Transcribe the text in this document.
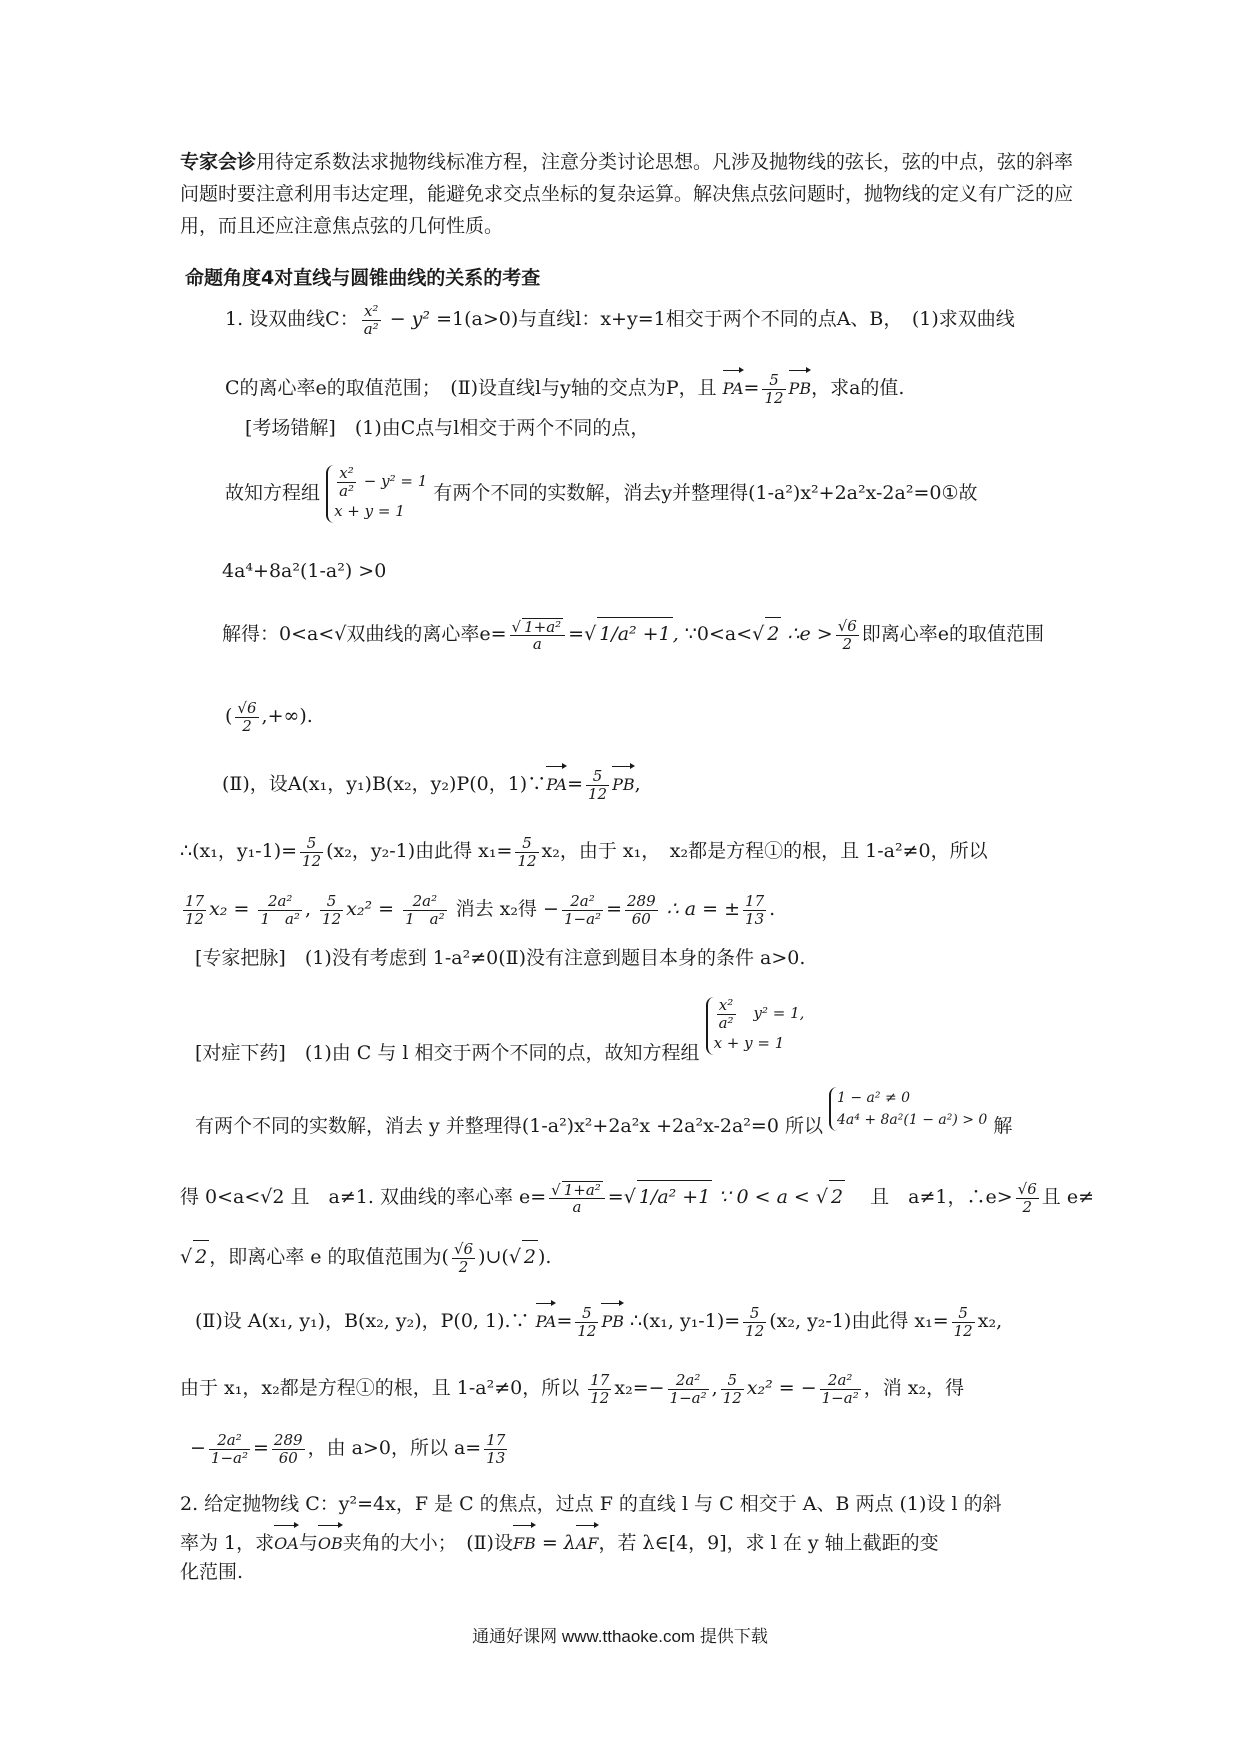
专家会诊用待定系数法求抛物线标准方程，注意分类讨论思想。凡涉及抛物线的弦长，弦的中点，弦的斜率问题时要注意利用韦达定理，能避免求交点坐标的复杂运算。解决焦点弦问题时，抛物线的定义有广泛的应用，而且还应注意焦点弦的几何性质。
命题角度4对直线与圆锥曲线的关系的考查
1. 设双曲线C： $\frac{\text{x²}}{\text{a²}} - y^2 =1(a>0)$与直线l：x+y=1相交于两个不同的点A、B，　(1)求双曲线
C的离心率e的取值范围；　(Ⅱ)设直线l与y轴的交点为P，且 $PA= \frac{5}{12}$ PB，求a的值.
[考场错解]　(1)由C点与l相交于两个不同的点，
故知方程组 $\frac{\text{x²}}{\text{a²}} - y^2 = 1$
x + y = 1 有两个不同的实数解，消去y并整理得(1-a²)x²+2a²x-2a²=0①故
4a⁴+8a²(1-a²) >0
解得：0<a<√双曲线的离心率$e= \frac{\text{√ 1+a²}}{a}$ =√ 1/a² +1 , ∵0<a<√ 2 ∴e > $\frac{√6}{2}$ 即离心率e的取值范围
( $\frac{√6}{2}$ ,+∞).
(Ⅱ)，设A(x₁，y₁)B(x₂，y₂)P(0，1)∵PA= $\frac{5}{12}$ PB,
∴(x₁，$y_1-1)= \frac{5}{12} (x_2$，y₂-1)由此得 $x_1= \frac{5}{12} x_2$，由于 x₁，　x₂都是方程①的根，且 1-a²≠0，所以
$\frac{17}{12} x_2 = \frac{\text{2a²}}{\text{1　a²}}$ , $\frac{5}{12} x_2^2 = \frac{\text{2a²}}{\text{1　a²}}$ 消去 x₂得 − $\frac{\text{2a²}}{\text{1−a²}} = \frac{289}{60}$ ∴ a = ± $\frac{17}{13}$ .
[专家把脉]　(1)没有考虑到 1-a²≠0(Ⅱ)没有注意到题目本身的条件 a>0.
[对症下药]　(1)由 C 与 l 相交于两个不同的点，故知方程组
$\frac{\text{x²}}{\text{a²}}$ 　y² = 1,
x + y = 1
有两个不同的实数解，消去 y 并整理得(1-a²)x²+2a²x +2a²x-2a²=0 所以 1 − a² ≠ 0
4a⁴ + 8a²(1 − a²) > 0 解
得 0<a<√2 且　a≠1. 双曲线的率心率 $e= \frac{\text{√ 1+a²}}{a}$ =√ 1/a² +1 ∵ 0 < a < √ 2　 且　a≠1，∴e> $\frac{√6}{2}$ 且 e≠
√ 2 ，即离心率 e 的取值范围为( $\frac{√6}{2}$ )∪(√ 2 ).
(Ⅱ)设 A(x₁, y₁)，B(x₂, y₂)，P(0, 1).∵ $PA= \frac{5}{12}$ PB ∴(x₁, $y_1-1)= \frac{5}{12} (x_2$, y₂-1)由此得 $x_1= \frac{5}{12} x_2$,
由于 x₁，x₂都是方程①的根，且 1-a²≠0，所以 $\frac{17}{12} x_2=- \frac{\text{2a²}}{\text{1−a²}}$ , $\frac{5}{12} x_2^2$ = − $\frac{\text{2a²}}{\text{1−a²}}$ ，消 x₂，得
− $\frac{\text{2a²}}{\text{1−a²}} = \frac{289}{60}$ ，由 a>0，所以 $a= \frac{17}{13}$
2. 给定抛物线 C：y²=4x，F 是 C 的焦点，过点 F 的直线 l 与 C 相交于 A、B 两点 (1)设 l 的斜
率为 1，求OA与OB夹角的大小；　(Ⅱ)设FB = λAF，若 λ∈[4，9]，求 l 在 y 轴上截距的变
化范围.
通通好课网 www.tthaoke.com 提供下载
